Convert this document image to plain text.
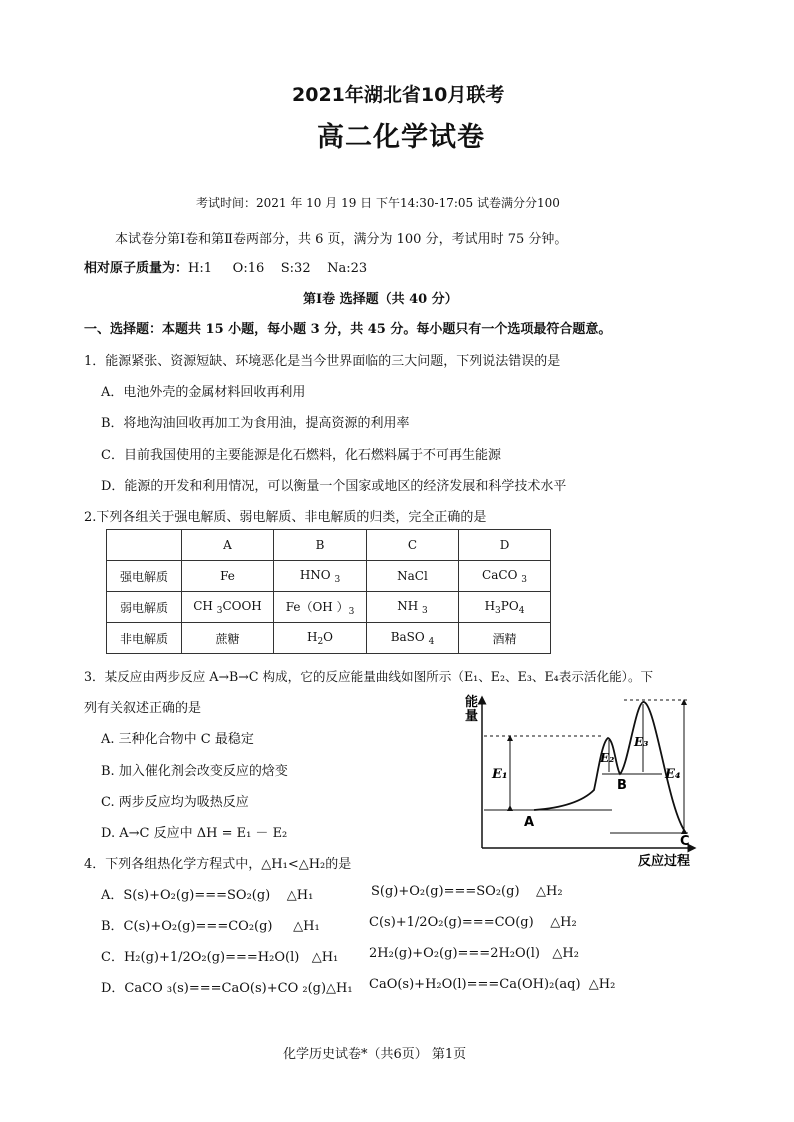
2021年湖北省10月联考
高二化学试卷
考试时间：2021 年 10 月 19 日 下午14:30-17:05 试卷满分分100
本试卷分第Ⅰ卷和第Ⅱ卷两部分，共 6 页，满分为 100 分，考试用时 75 分钟。
相对原子质量为：H:1     O:16    S:32    Na:23
第Ⅰ卷 选择题（共 40 分）
一、选择题：本题共 15 小题，每小题 3 分，共 45 分。每小题只有一个选项最符合题意。
1．能源紧张、资源短缺、环境恶化是当今世界面临的三大问题，下列说法错误的是
A．电池外壳的金属材料回收再利用
B．将地沟油回收再加工为食用油，提高资源的利用率
C．目前我国使用的主要能源是化石燃料，化石燃料属于不可再生能源
D．能源的开发和利用情况，可以衡量一个国家或地区的经济发展和科学技术水平
2.下列各组关于强电解质、弱电解质、非电解质的归类，完全正确的是
	A	B	C	D
强电解质	Fe	HNO $_3$	NaCl	CaCO $_3$
弱电解质	CH $_3$COOH	Fe（OH ）$_3$	NH $_3$	$H_3PO_4$
非电解质	蔗糖	$H_2O$	BaSO $_4$	酒精
3．某反应由两步反应 A→B→C 构成，它的反应能量曲线如图所示（E₁、E₂、E₃、E₄表示活化能）。下
列有关叙述正确的是
A. 三种化合物中 C 最稳定
B. 加入催化剂会改变反应的焓变
C. 两步反应均为吸热反应
D. A→C 反应中 ΔH = E₁ － E₂
能
量
反应过程
E₁
E₂
E₃
E₄
A
B
C
4．下列各组热化学方程式中，△H₁<△H₂的是
A．S(s)+O₂(g)===SO₂(g)    △H₁	S(g)+O₂(g)===SO₂(g)    △H₂
B．C(s)+O₂(g)===CO₂(g)     △H₁	C(s)+1/2O₂(g)===CO(g)    △H₂
C．H₂(g)+1/2O₂(g)===H₂O(l)   △H₁ 2H₂(g)+O₂(g)===2H₂O(l)   △H₂
D．CaCO ₃(s)===CaO(s)+CO ₂(g)△H₁ CaO(s)+H₂O(l)===Ca(OH)₂(aq)  △H₂
化学历史试卷*（共6页） 第1页
